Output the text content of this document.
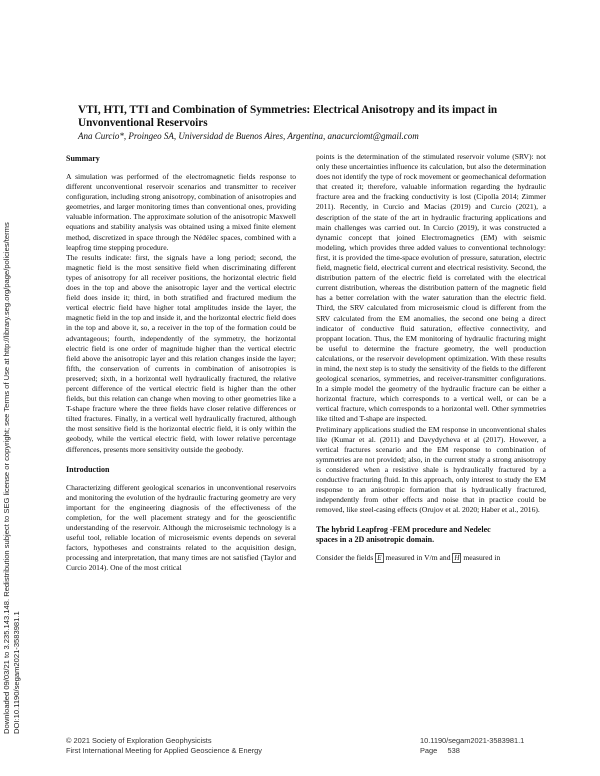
Downloaded 09/03/21 to 3.235.143.148. Redistribution subject to SEG license or copyright; see Terms of Use at http://library.seg.org/page/policies/terms DOI:10.1190/segam2021-3583981.1
VTI, HTI, TTI and Combination of Symmetries: Electrical Anisotropy and its impact in
Unvonventional Reservoirs
Ana Curcio*, Proingeo SA, Universidad de Buenos Aires, Argentina, anacurciomt@gmail.com
Summary

A simulation was performed of the electromagnetic fields response to different unconventional reservoir scenarios and transmitter to receiver configuration, including strong anisotropy, combination of anisotropies and geometries, and larger monitoring times than conventional ones, providing valuable information. The approximate solution of the anisotropic Maxwell equations and stability analysis was obtained using a mixed finite element method, discretized in space through the Nédélec spaces, combined with a leapfrog time stepping procedure.

The results indicate: first, the signals have a long period; second, the magnetic field is the most sensitive field when discriminating different types of anisotropy for all receiver positions, the horizontal electric field does in the top and above the anisotropic layer and the vertical electric field does inside it; third, in both stratified and fractured medium the vertical electric field have higher total amplitudes inside the layer, the magnetic field in the top and inside it, and the horizontal electric field does in the top and above it, so, a receiver in the top of the formation could be advantageous; fourth, independently of the symmetry, the horizontal electric field is one order of magnitude higher than the vertical electric field above the anisotropic layer and this relation changes inside the layer; fifth, the conservation of currents in combination of anisotropies is preserved; sixth, in a horizontal well hydraulically fractured, the relative percent difference of the vertical electric field is higher than the other fields, but this relation can change when moving to other geometries like a T-shape fracture where the three fields have closer relative differences or tilted fractures. Finally, in a vertical well hydraulically fractured, although the most sensitive field is the horizontal electric field, it is only within the geobody, while the vertical electric field, with lower relative percentage differences, presents more sensitivity outside the geobody.

Introduction

Characterizing different geological scenarios in unconventional reservoirs and monitoring the evolution of the hydraulic fracturing geometry are very important for the engineering diagnosis of the effectiveness of the completion, for the well placement strategy and for the geoscientific understanding of the reservoir. Although the microseismic technology is a useful tool, reliable location of microseismic events depends on several factors, hypotheses and constraints related to the acquisition design, processing and interpretation, that many times are not satisfied (Taylor and Curcio 2014). One of the most critical

points is the determination of the stimulated reservoir volume (SRV): not only these uncertainties influence its calculation, but also the determination does not identify the type of rock movement or geomechanical deformation that created it; therefore, valuable information regarding the hydraulic fracture area and the fracking conductivity is lost (Cipolla 2014; Zimmer 2011). Recently, in Curcio and Macias (2019) and Curcio (2021), a description of the state of the art in hydraulic fracturing applications and main challenges was carried out. In Curcio (2019), it was constructed a dynamic concept that joined Electromagnetics (EM) with seismic modeling, which provides three added values to conventional technology: first, it is provided the time-space evolution of pressure, saturation, electric field, magnetic field, electrical current and electrical resistivity. Second, the distribution pattern of the electric field is correlated with the electrical current distribution, whereas the distribution pattern of the magnetic field has a better correlation with the water saturation than the electric field. Third, the SRV calculated from microseismic cloud is different from the SRV calculated from the EM anomalies, the second one being a direct indicator of conductive fluid saturation, effective connectivity, and proppant location. Thus, the EM monitoring of hydraulic fracturing might be useful to determine the fracture geometry, the well production calculations, or the reservoir development optimization. With these results in mind, the next step is to study the sensitivity of the fields to the different geological scenarios, symmetries, and receiver-transmitter configurations. In a simple model the geometry of the hydraulic fracture can be either a horizontal fracture, which corresponds to a vertical well, or can be a vertical fracture, which corresponds to a horizontal well. Other symmetries like tilted and T-shape are inspected.

Preliminary applications studied the EM response in unconventional shales like (Kumar et al. (2011) and Davydycheva et al (2017). However, a vertical fractures scenario and the EM response to combination of symmetries are not provided; also, in the current study a strong anisotropy is considered when a resistive shale is hydraulically fractured by a conductive fracturing fluid. In this approach, only interest to study the EM response to an anisotropic formation that is hydraulically fractured, independently from other effects and noise that in practice could be removed, like steel-casing effects (Orujov et al. 2020; Haber et al., 2016).

The hybrid Leapfrog -FEM procedure and Nedelec
spaces in a 2D anisotropic domain.

Consider the fields E measured in V/m and H measured in

© 2021 Society of Exploration Geophysicists
First International Meeting for Applied Geoscience & Energy
10.1190/segam2021-3583981.1
Page 538
